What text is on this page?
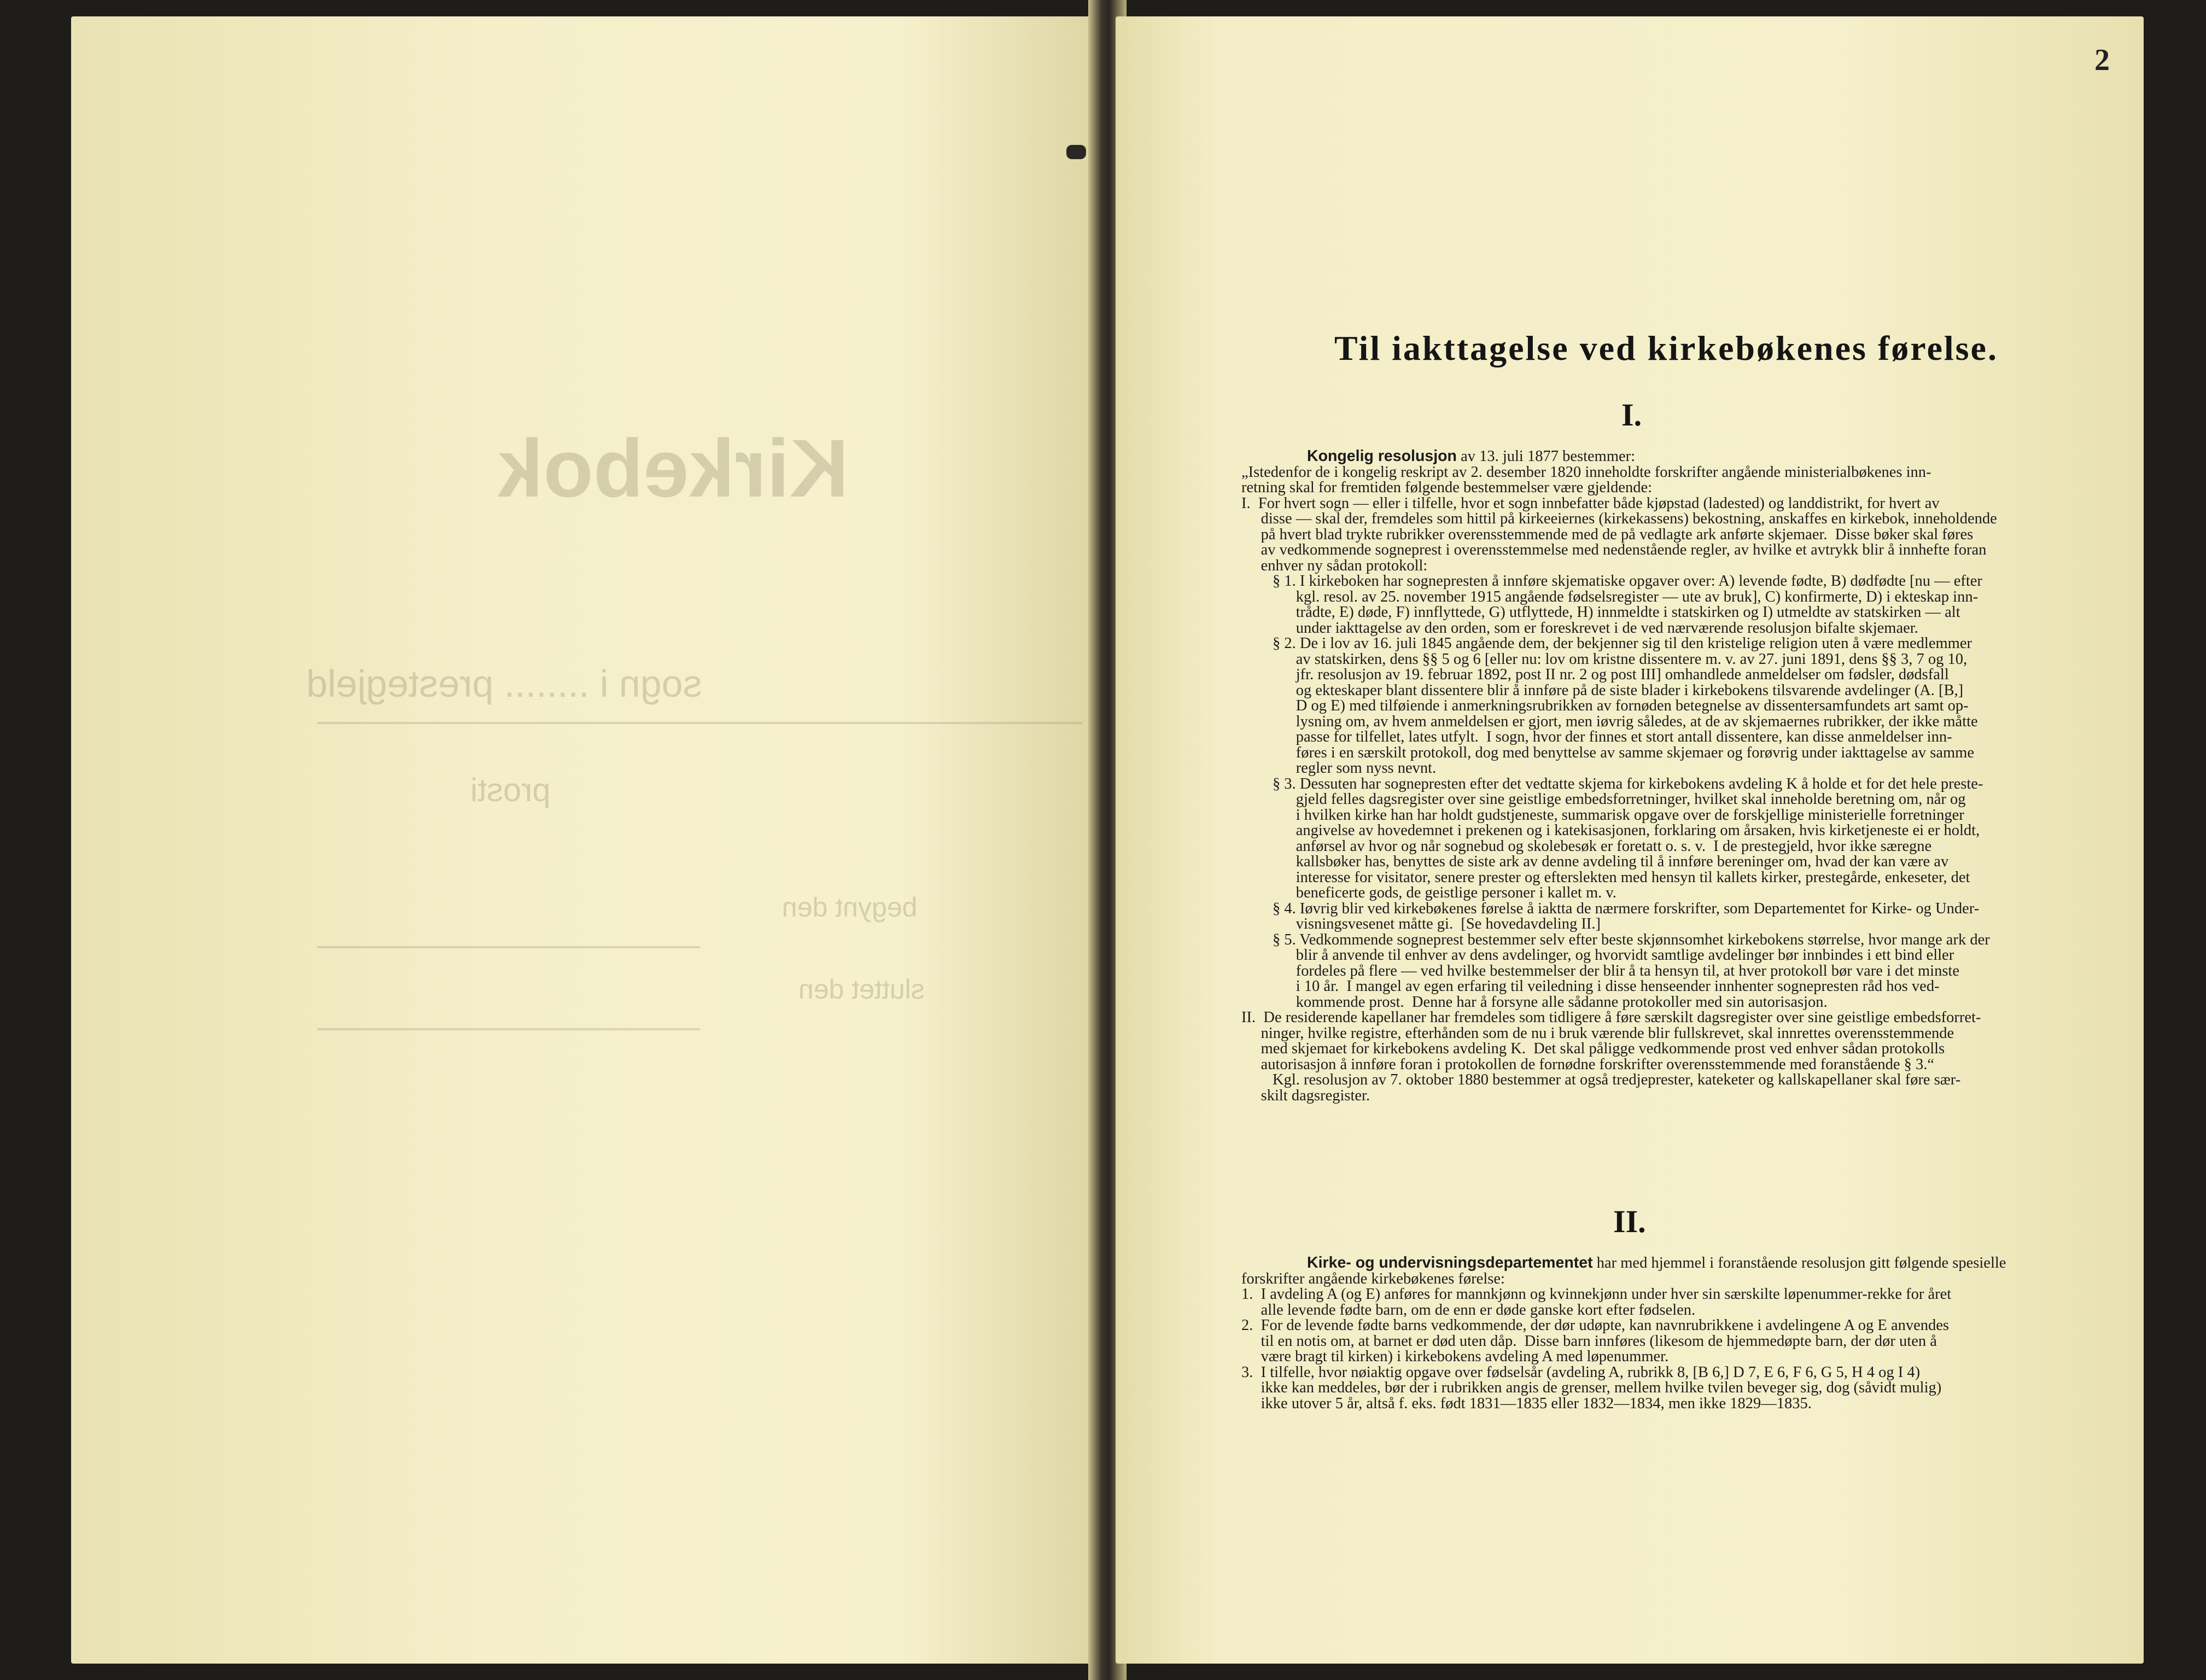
Kirkebok
sogn i ........ prestegjeld
prosti
begynt den
sluttet den
2
Til iakttagelse ved kirkebøkenes førelse.
I.

Kongelig resolusjon av 13. juli 1877 bestemmer:

„Istedenfor de i kongelig reskript av 2. desember 1820 inneholdte forskrifter angående ministerialbøkenes inn-

retning skal for fremtiden følgende bestemmelser være gjeldende:

I.  For hvert sogn — eller i tilfelle, hvor et sogn innbefatter både kjøpstad (ladested) og landdistrikt, for hvert av

disse — skal der, fremdeles som hittil på kirkeeiernes (kirkekassens) bekostning, anskaffes en kirkebok, inneholdende

på hvert blad trykte rubrikker overensstemmende med de på vedlagte ark anførte skjemaer.  Disse bøker skal føres

av vedkommende sogneprest i overensstemmelse med nedenstående regler, av hvilke et avtrykk blir å innhefte foran

enhver ny sådan protokoll:

§ 1. I kirkeboken har sognepresten å innføre skjematiske opgaver over: A) levende fødte, B) dødfødte [nu — efter

kgl. resol. av 25. november 1915 angående fødselsregister — ute av bruk], C) konfirmerte, D) i ekteskap inn-

trådte, E) døde, F) innflyttede, G) utflyttede, H) innmeldte i statskirken og I) utmeldte av statskirken — alt

under iakttagelse av den orden, som er foreskrevet i de ved nærværende resolusjon bifalte skjemaer.

§ 2. De i lov av 16. juli 1845 angående dem, der bekjenner sig til den kristelige religion uten å være medlemmer

av statskirken, dens §§ 5 og 6 [eller nu: lov om kristne dissentere m. v. av 27. juni 1891, dens §§ 3, 7 og 10,

jfr. resolusjon av 19. februar 1892, post II nr. 2 og post III] omhandlede anmeldelser om fødsler, dødsfall

og ekteskaper blant dissentere blir å innføre på de siste blader i kirkebokens tilsvarende avdelinger (A. [B,]

D og E) med tilføiende i anmerkningsrubrikken av fornøden betegnelse av dissentersamfundets art samt op-

lysning om, av hvem anmeldelsen er gjort, men iøvrig således, at de av skjemaernes rubrikker, der ikke måtte

passe for tilfellet, lates utfylt.  I sogn, hvor der finnes et stort antall dissentere, kan disse anmeldelser inn-

føres i en særskilt protokoll, dog med benyttelse av samme skjemaer og forøvrig under iakttagelse av samme

regler som nyss nevnt.

§ 3. Dessuten har sognepresten efter det vedtatte skjema for kirkebokens avdeling K å holde et for det hele preste-

gjeld felles dagsregister over sine geistlige embedsforretninger, hvilket skal inneholde beretning om, når og

i hvilken kirke han har holdt gudstjeneste, summarisk opgave over de forskjellige ministerielle forretninger

angivelse av hovedemnet i prekenen og i katekisasjonen, forklaring om årsaken, hvis kirketjeneste ei er holdt,

anførsel av hvor og når sognebud og skolebesøk er foretatt o. s. v.  I de prestegjeld, hvor ikke særegne

kallsbøker has, benyttes de siste ark av denne avdeling til å innføre bereninger om, hvad der kan være av

interesse for visitator, senere prester og efterslekten med hensyn til kallets kirker, prestegårde, enkeseter, det

beneficerte gods, de geistlige personer i kallet m. v.

§ 4. Iøvrig blir ved kirkebøkenes førelse å iaktta de nærmere forskrifter, som Departementet for Kirke- og Under-

visningsvesenet måtte gi.  [Se hovedavdeling II.]

§ 5. Vedkommende sogneprest bestemmer selv efter beste skjønnsomhet kirkebokens størrelse, hvor mange ark der

blir å anvende til enhver av dens avdelinger, og hvorvidt samtlige avdelinger bør innbindes i ett bind eller

fordeles på flere — ved hvilke bestemmelser der blir å ta hensyn til, at hver protokoll bør vare i det minste

i 10 år.  I mangel av egen erfaring til veiledning i disse henseender innhenter sognepresten råd hos ved-

kommende prost.  Denne har å forsyne alle sådanne protokoller med sin autorisasjon.

II.  De residerende kapellaner har fremdeles som tidligere å føre særskilt dagsregister over sine geistlige embedsforret-

ninger, hvilke registre, efterhånden som de nu i bruk værende blir fullskrevet, skal innrettes overensstemmende

med skjemaet for kirkebokens avdeling K.  Det skal påligge vedkommende prost ved enhver sådan protokolls

autorisasjon å innføre foran i protokollen de fornødne forskrifter overensstemmende med foranstående § 3.“

Kgl. resolusjon av 7. oktober 1880 bestemmer at også tredjeprester, kateketer og kallskapellaner skal føre sær-

skilt dagsregister.

II.

Kirke- og undervisningsdepartementet har med hjemmel i foranstående resolusjon gitt følgende spesielle

forskrifter angående kirkebøkenes førelse:

1.  I avdeling A (og E) anføres for mannkjønn og kvinnekjønn under hver sin særskilte løpenummer-rekke for året

alle levende fødte barn, om de enn er døde ganske kort efter fødselen.

2.  For de levende fødte barns vedkommende, der dør udøpte, kan navnrubrikkene i avdelingene A og E anvendes

til en notis om, at barnet er død uten dåp.  Disse barn innføres (likesom de hjemmedøpte barn, der dør uten å

være bragt til kirken) i kirkebokens avdeling A med løpenummer.

3.  I tilfelle, hvor nøiaktig opgave over fødselsår (avdeling A, rubrikk 8, [B 6,] D 7, E 6, F 6, G 5, H 4 og I 4)

ikke kan meddeles, bør der i rubrikken angis de grenser, mellem hvilke tvilen beveger sig, dog (såvidt mulig)

ikke utover 5 år, altså f. eks. født 1831—1835 eller 1832—1834, men ikke 1829—1835.
